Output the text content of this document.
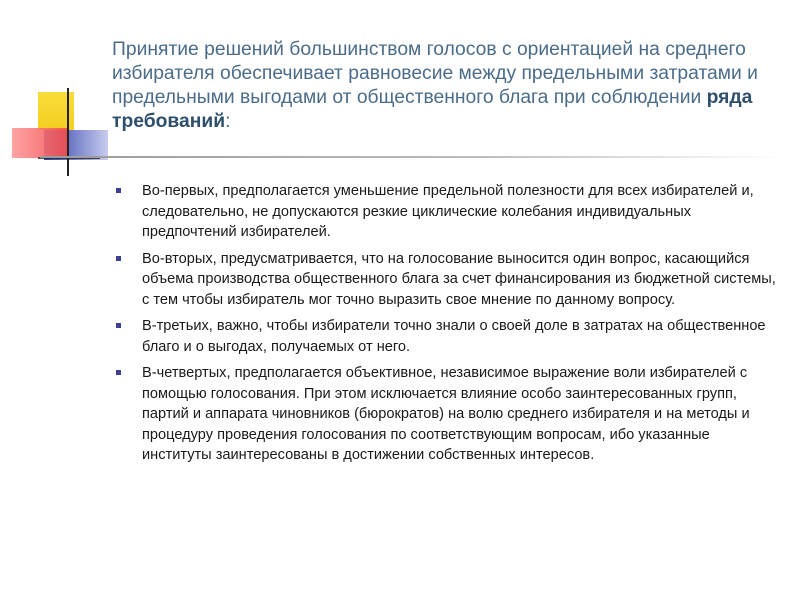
Принятие решений большинством голосов с ориентацией на среднего избирателя обеспечивает равновесие между предельными затратами и предельными выгодами от общественного блага при соблюдении ряда требований:
Во-первых, предполагается уменьшение предельной полезности для всех избирателей и, следовательно, не допускаются резкие циклические колебания индивидуальных предпочтений избирателей.
Во-вторых, предусматривается, что на голосование выносится один вопрос, касающийся объема производства общественного блага за счет финансирования из бюджетной системы, с тем чтобы избиратель мог точно выразить свое мнение по данному вопросу.
В-третьих, важно, чтобы избиратели точно знали о своей доле в затратах на общественное благо и о выгодах, получаемых от него.
В-четвертых, предполагается объективное, независимое выражение воли избирателей с помощью голосования. При этом исключается влияние особо заинтересованных групп, партий и аппарата чиновников (бюрократов) на волю среднего избирателя и на методы и процедуру проведения голосования по соответствующим вопросам, ибо указанные институты заинтересованы в достижении собственных интересов.
